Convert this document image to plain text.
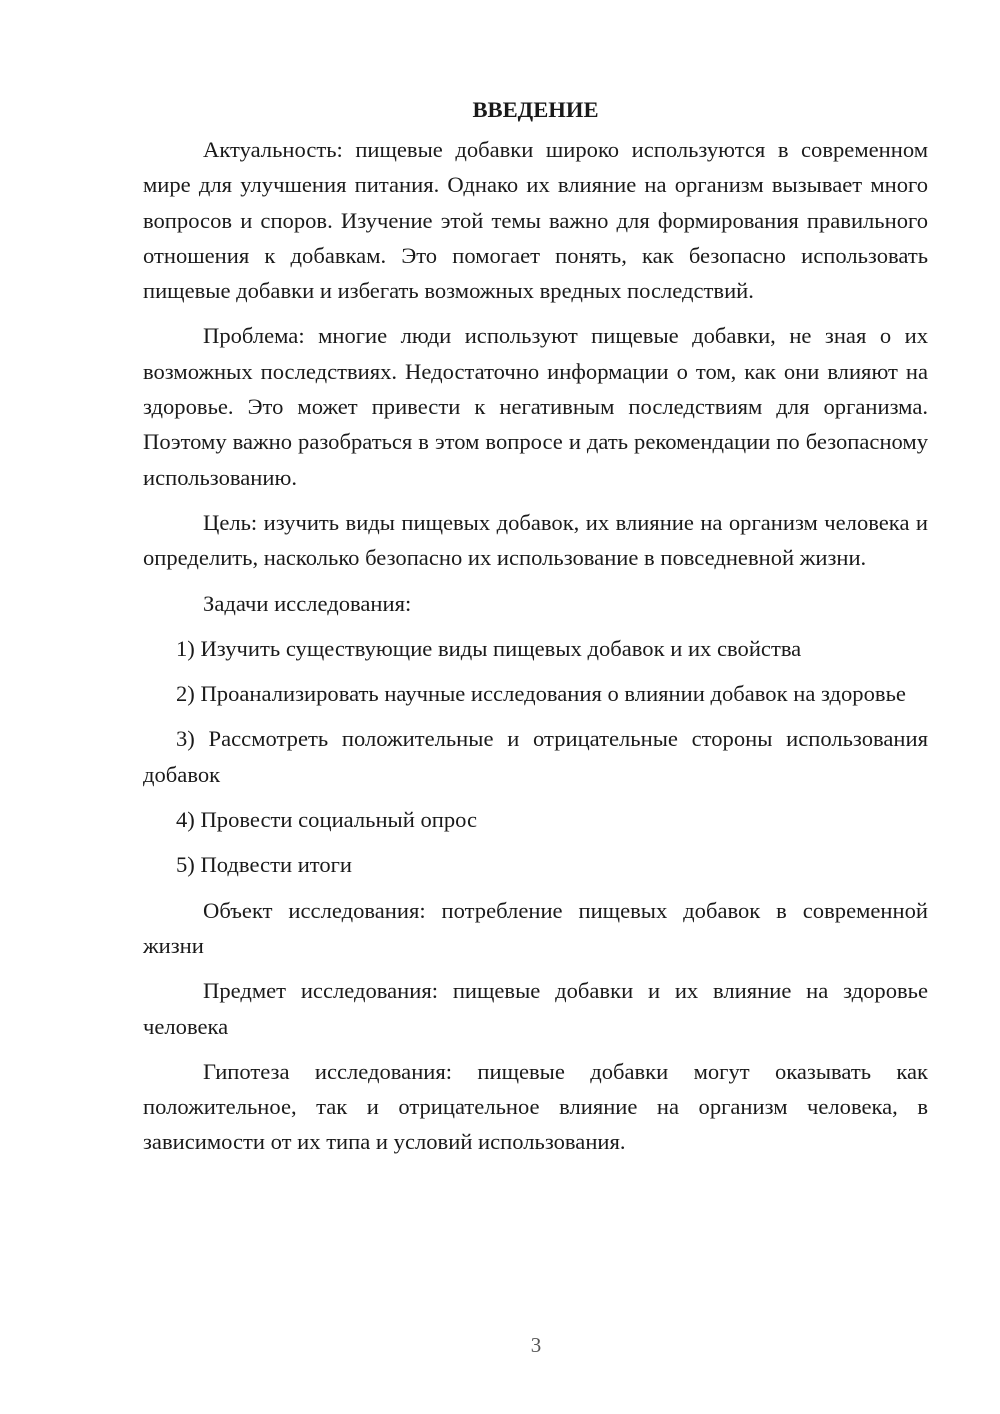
ВВЕДЕНИЕ

Актуальность: пищевые добавки широко используются в современном мире для улучшения питания. Однако их влияние на организм вызывает много вопросов и споров. Изучение этой темы важно для формирования правильного отношения к добавкам. Это помогает понять, как безопасно использовать пищевые добавки и избегать возможных вредных последствий.

Проблема: многие люди используют пищевые добавки, не зная о их возможных последствиях. Недостаточно информации о том, как они влияют на здоровье. Это может привести к негативным последствиям для организма. Поэтому важно разобраться в этом вопросе и дать рекомендации по безопасному использованию.

Цель: изучить виды пищевых добавок, их влияние на организм человека и определить, насколько безопасно их использование в повседневной жизни.

Задачи исследования:

1) Изучить существующие виды пищевых добавок и их свойства

2) Проанализировать научные исследования о влиянии добавок на здоровье

3) Рассмотреть положительные и отрицательные стороны использования добавок

4) Провести социальный опрос

5) Подвести итоги

Объект исследования: потребление пищевых добавок в современной жизни

Предмет исследования: пищевые добавки и их влияние на здоровье человека

Гипотеза исследования: пищевые добавки могут оказывать как положительное, так и отрицательное влияние на организм человека, в зависимости от их типа и условий использования.

3
